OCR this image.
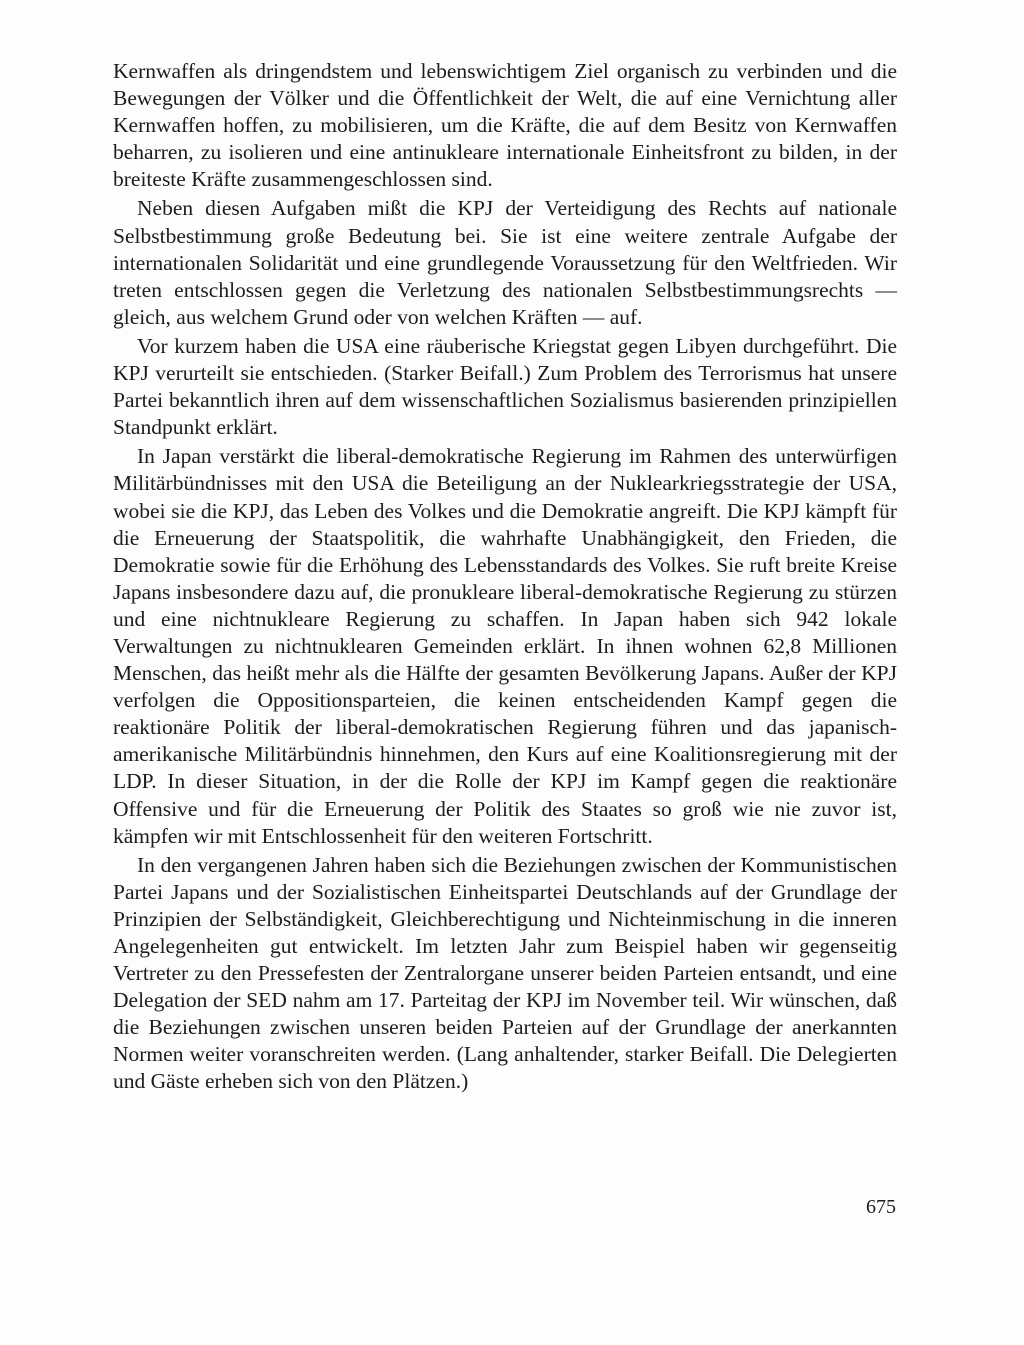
Kernwaffen als dringendstem und lebenswichtigem Ziel organisch zu verbinden und die Bewegungen der Völker und die Öffentlichkeit der Welt, die auf eine Vernichtung aller Kernwaffen hoffen, zu mobilisieren, um die Kräfte, die auf dem Besitz von Kernwaffen beharren, zu isolieren und eine antinukleare internationale Einheitsfront zu bilden, in der breiteste Kräfte zusammengeschlossen sind.

Neben diesen Aufgaben mißt die KPJ der Verteidigung des Rechts auf nationale Selbstbestimmung große Bedeutung bei. Sie ist eine weitere zentrale Aufgabe der internationalen Solidarität und eine grundlegende Voraussetzung für den Weltfrieden. Wir treten entschlossen gegen die Verletzung des nationalen Selbstbestimmungsrechts — gleich, aus welchem Grund oder von welchen Kräften — auf.

Vor kurzem haben die USA eine räuberische Kriegstat gegen Libyen durchgeführt. Die KPJ verurteilt sie entschieden. (Starker Beifall.) Zum Problem des Terrorismus hat unsere Partei bekanntlich ihren auf dem wissenschaftlichen Sozialismus basierenden prinzipiellen Standpunkt erklärt.

In Japan verstärkt die liberal-demokratische Regierung im Rahmen des unterwürfigen Militärbündnisses mit den USA die Beteiligung an der Nuklearkriegsstrategie der USA, wobei sie die KPJ, das Leben des Volkes und die Demokratie angreift. Die KPJ kämpft für die Erneuerung der Staatspolitik, die wahrhafte Unabhängigkeit, den Frieden, die Demokratie sowie für die Erhöhung des Lebensstandards des Volkes. Sie ruft breite Kreise Japans insbesondere dazu auf, die pronukleare liberal-demokratische Regierung zu stürzen und eine nichtnukleare Regierung zu schaffen. In Japan haben sich 942 lokale Verwaltungen zu nichtnuklearen Gemeinden erklärt. In ihnen wohnen 62,8 Millionen Menschen, das heißt mehr als die Hälfte der gesamten Bevölkerung Japans. Außer der KPJ verfolgen die Oppositionsparteien, die keinen entscheidenden Kampf gegen die reaktionäre Politik der liberal-demokratischen Regierung führen und das japanisch-amerikanische Militärbündnis hinnehmen, den Kurs auf eine Koalitionsregierung mit der LDP. In dieser Situation, in der die Rolle der KPJ im Kampf gegen die reaktionäre Offensive und für die Erneuerung der Politik des Staates so groß wie nie zuvor ist, kämpfen wir mit Entschlossenheit für den weiteren Fortschritt.

In den vergangenen Jahren haben sich die Beziehungen zwischen der Kommunistischen Partei Japans und der Sozialistischen Einheitspartei Deutschlands auf der Grundlage der Prinzipien der Selbständigkeit, Gleichberechtigung und Nichteinmischung in die inneren Angelegenheiten gut entwickelt. Im letzten Jahr zum Beispiel haben wir gegenseitig Vertreter zu den Pressefesten der Zentralorgane unserer beiden Parteien entsandt, und eine Delegation der SED nahm am 17. Parteitag der KPJ im November teil. Wir wünschen, daß die Beziehungen zwischen unseren beiden Parteien auf der Grundlage der anerkannten Normen weiter voranschreiten werden. (Lang anhaltender, starker Beifall. Die Delegierten und Gäste erheben sich von den Plätzen.)

675
